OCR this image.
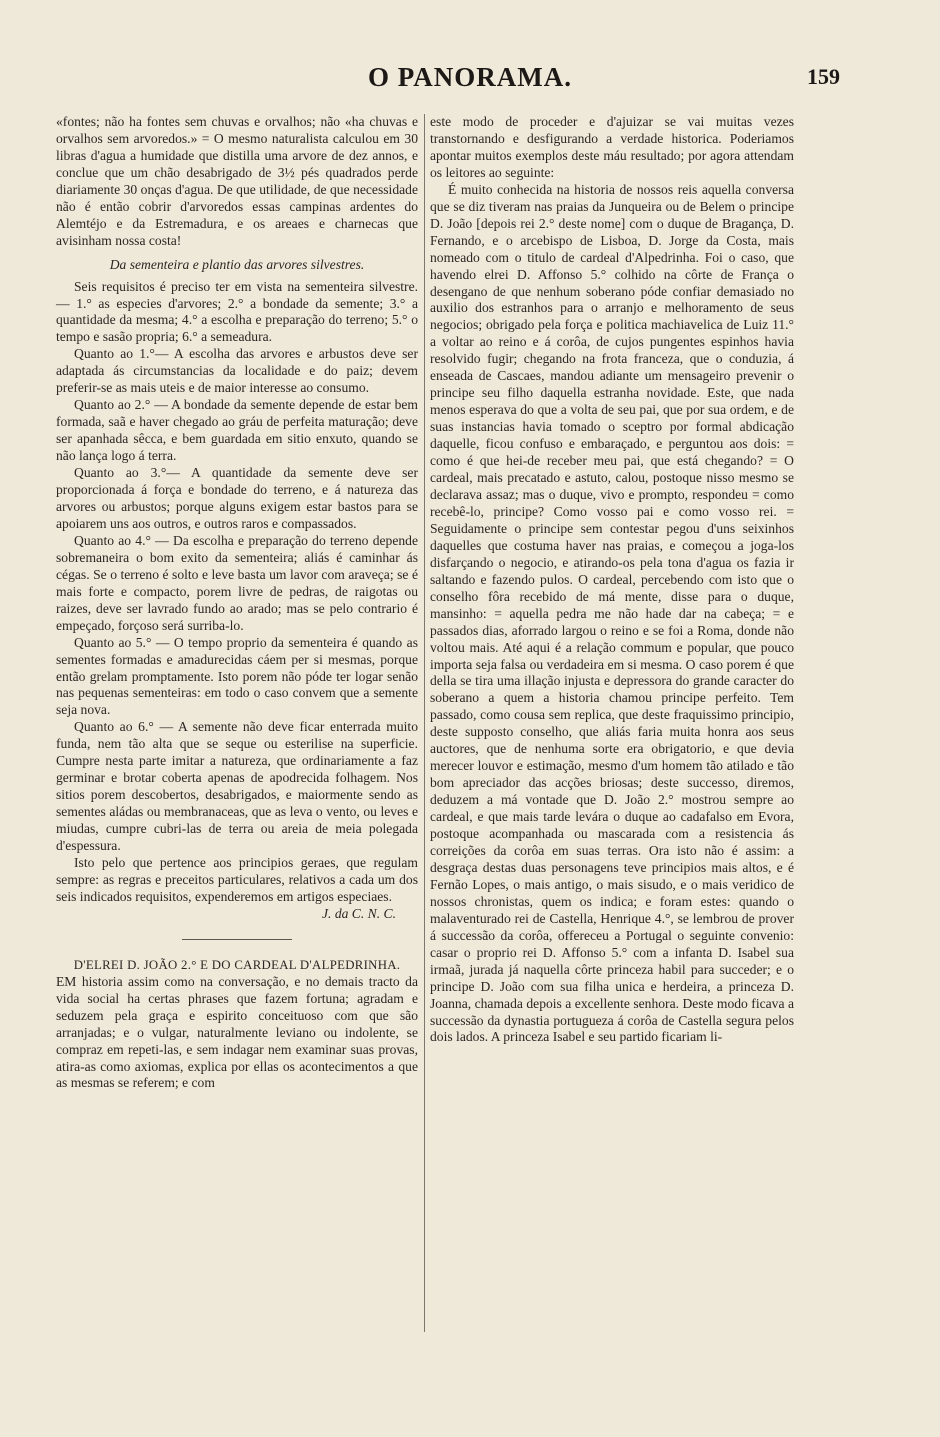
O PANORAMA.	159

«fontes; não ha fontes sem chuvas e orvalhos; não «ha chuvas e orvalhos sem arvoredos.» = O mesmo naturalista calculou em 30 libras d'agua a humidade que distilla uma arvore de dez annos, e conclue que um chão desabrigado de 3½ pés quadrados perde diariamente 30 onças d'agua. De que utilidade, de que necessidade não é então cobrir d'arvoredos essas campinas ardentes do Alemtéjo e da Estremadura, e os areaes e charnecas que avisinham nossa costa!

Da sementeira e plantio das arvores silvestres.

Seis requisitos é preciso ter em vista na sementeira silvestre. — 1.° as especies d'arvores; 2.° a bondade da semente; 3.° a quantidade da mesma; 4.° a escolha e preparação do terreno; 5.° o tempo e sasão propria; 6.° a semeadura.

Quanto ao 1.°— A escolha das arvores e arbustos deve ser adaptada ás circumstancias da localidade e do paiz; devem preferir-se as mais uteis e de maior interesse ao consumo.

Quanto ao 2.° — A bondade da semente depende de estar bem formada, saã e haver chegado ao gráu de perfeita maturação; deve ser apanhada sêcca, e bem guardada em sitio enxuto, quando se não lança logo á terra.

Quanto ao 3.°— A quantidade da semente deve ser proporcionada á força e bondade do terreno, e á natureza das arvores ou arbustos; porque alguns exigem estar bastos para se apoiarem uns aos outros, e outros raros e compassados.

Quanto ao 4.° — Da escolha e preparação do terreno depende sobremaneira o bom exito da sementeira; aliás é caminhar ás cégas. Se o terreno é solto e leve basta um lavor com araveça; se é mais forte e compacto, porem livre de pedras, de raigotas ou raizes, deve ser lavrado fundo ao arado; mas se pelo contrario é empeçado, forçoso será surriba-lo.

Quanto ao 5.° — O tempo proprio da sementeira é quando as sementes formadas e amadurecidas cáem per si mesmas, porque então grelam promptamente. Isto porem não póde ter logar senão nas pequenas sementeiras: em todo o caso convem que a semente seja nova.

Quanto ao 6.° — A semente não deve ficar enterrada muito funda, nem tão alta que se seque ou esterilise na superficie. Cumpre nesta parte imitar a natureza, que ordinariamente a faz germinar e brotar coberta apenas de apodrecida folhagem. Nos sitios porem descobertos, desabrigados, e maiormente sendo as sementes aládas ou membranaceas, que as leva o vento, ou leves e miudas, cumpre cubri-las de terra ou areia de meia polegada d'espessura.

Isto pelo que pertence aos principios geraes, que regulam sempre: as regras e preceitos particulares, relativos a cada um dos seis indicados requisitos, expenderemos em artigos especiaes.

J. da C. N. C.

D'ELREI D. JOÃO 2.° E DO CARDEAL D'ALPEDRINHA.

EM historia assim como na conversação, e no demais tracto da vida social ha certas phrases que fazem fortuna; agradam e seduzem pela graça e espirito conceituoso com que são arranjadas; e o vulgar, naturalmente leviano ou indolente, se compraz em repeti-las, e sem indagar nem examinar suas provas, atira-as como axiomas, explica por ellas os acontecimentos a que as mesmas se referem; e com

este modo de proceder e d'ajuizar se vai muitas vezes transtornando e desfigurando a verdade historica. Poderiamos apontar muitos exemplos deste máu resultado; por agora attendam os leitores ao seguinte:

É muito conhecida na historia de nossos reis aquella conversa que se diz tiveram nas praias da Junqueira ou de Belem o principe D. João [depois rei 2.° deste nome] com o duque de Bragança, D. Fernando, e o arcebispo de Lisboa, D. Jorge da Costa, mais nomeado com o titulo de cardeal d'Alpedrinha. Foi o caso, que havendo elrei D. Affonso 5.° colhido na côrte de França o desengano de que nenhum soberano póde confiar demasiado no auxilio dos estranhos para o arranjo e melhoramento de seus negocios; obrigado pela força e politica machiavelica de Luiz 11.° a voltar ao reino e á corôa, de cujos pungentes espinhos havia resolvido fugir; chegando na frota franceza, que o conduzia, á enseada de Cascaes, mandou adiante um mensageiro prevenir o principe seu filho daquella estranha novidade. Este, que nada menos esperava do que a volta de seu pai, que por sua ordem, e de suas instancias havia tomado o sceptro por formal abdicação daquelle, ficou confuso e embaraçado, e perguntou aos dois: = como é que hei-de receber meu pai, que está chegando? = O cardeal, mais precatado e astuto, calou, postoque nisso mesmo se declarava assaz; mas o duque, vivo e prompto, respondeu = como recebê-lo, principe? Como vosso pai e como vosso rei. = Seguidamente o principe sem contestar pegou d'uns seixinhos daquelles que costuma haver nas praias, e começou a joga-los disfarçando o negocio, e atirando-os pela tona d'agua os fazia ir saltando e fazendo pulos. O cardeal, percebendo com isto que o conselho fôra recebido de má mente, disse para o duque, mansinho: = aquella pedra me não hade dar na cabeça; = e passados dias, aforrado largou o reino e se foi a Roma, donde não voltou mais. Até aqui é a relação commum e popular, que pouco importa seja falsa ou verdadeira em si mesma. O caso porem é que della se tira uma illação injusta e depressora do grande caracter do soberano a quem a historia chamou principe perfeito. Tem passado, como cousa sem replica, que deste fraquissimo principio, deste supposto conselho, que aliás faria muita honra aos seus auctores, que de nenhuma sorte era obrigatorio, e que devia merecer louvor e estimação, mesmo d'um homem tão atilado e tão bom apreciador das acções briosas; deste successo, diremos, deduzem a má vontade que D. João 2.° mostrou sempre ao cardeal, e que mais tarde levára o duque ao cadafalso em Evora, postoque acompanhada ou mascarada com a resistencia ás correições da corôa em suas terras. Ora isto não é assim: a desgraça destas duas personagens teve principios mais altos, e é Fernão Lopes, o mais antigo, o mais sisudo, e o mais veridico de nossos chronistas, quem os indica; e foram estes: quando o malaventurado rei de Castella, Henrique 4.°, se lembrou de prover á successão da corôa, offereceu a Portugal o seguinte convenio: casar o proprio rei D. Affonso 5.° com a infanta D. Isabel sua irmaã, jurada já naquella côrte princeza habil para succeder; e o principe D. João com sua filha unica e herdeira, a princeza D. Joanna, chamada depois a excellente senhora. Deste modo ficava a successão da dynastia portugueza á corôa de Castella segura pelos dois lados. A princeza Isabel e seu partido ficariam li-
